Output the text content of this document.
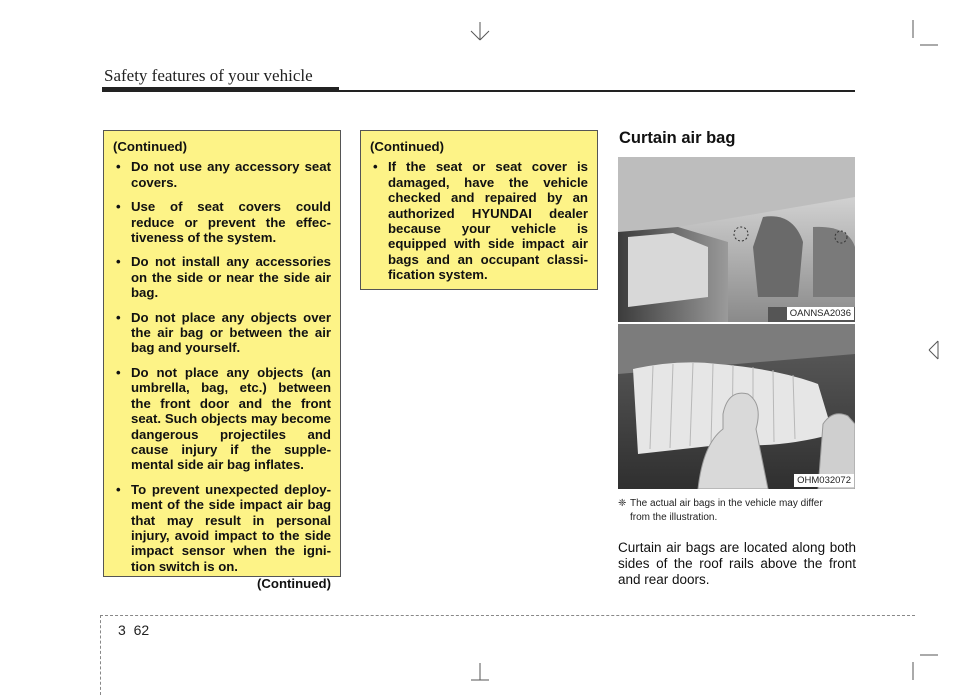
Safety features of your vehicle
(Continued)
• Do not use any accessory seat covers.
• Use of seat covers could reduce or prevent the effec-tiveness of the system.
• Do not install any accessories on the side or near the side air bag.
• Do not place any objects over the air bag or between the air bag and yourself.
• Do not place any objects (an umbrella, bag, etc.) between the front door and the front seat. Such objects may become dangerous projectiles and cause injury if the supple-mental side air bag inflates.
• To prevent unexpected deploy-ment of the side impact air bag that may result in personal injury, avoid impact to the side impact sensor when the igni-tion switch is on.
(Continued)
(Continued)
• If the seat or seat cover is damaged, have the vehicle checked and repaired by an authorized HYUNDAI dealer because your vehicle is equipped with side impact air bags and an occupant classi-fication system.
Curtain air bag
OANNSA2036
OHM032072
❈ The actual air bags in the vehicle may differ
from the illustration.
Curtain air bags are located along both sides of the roof rails above the front and rear doors.
3 62
